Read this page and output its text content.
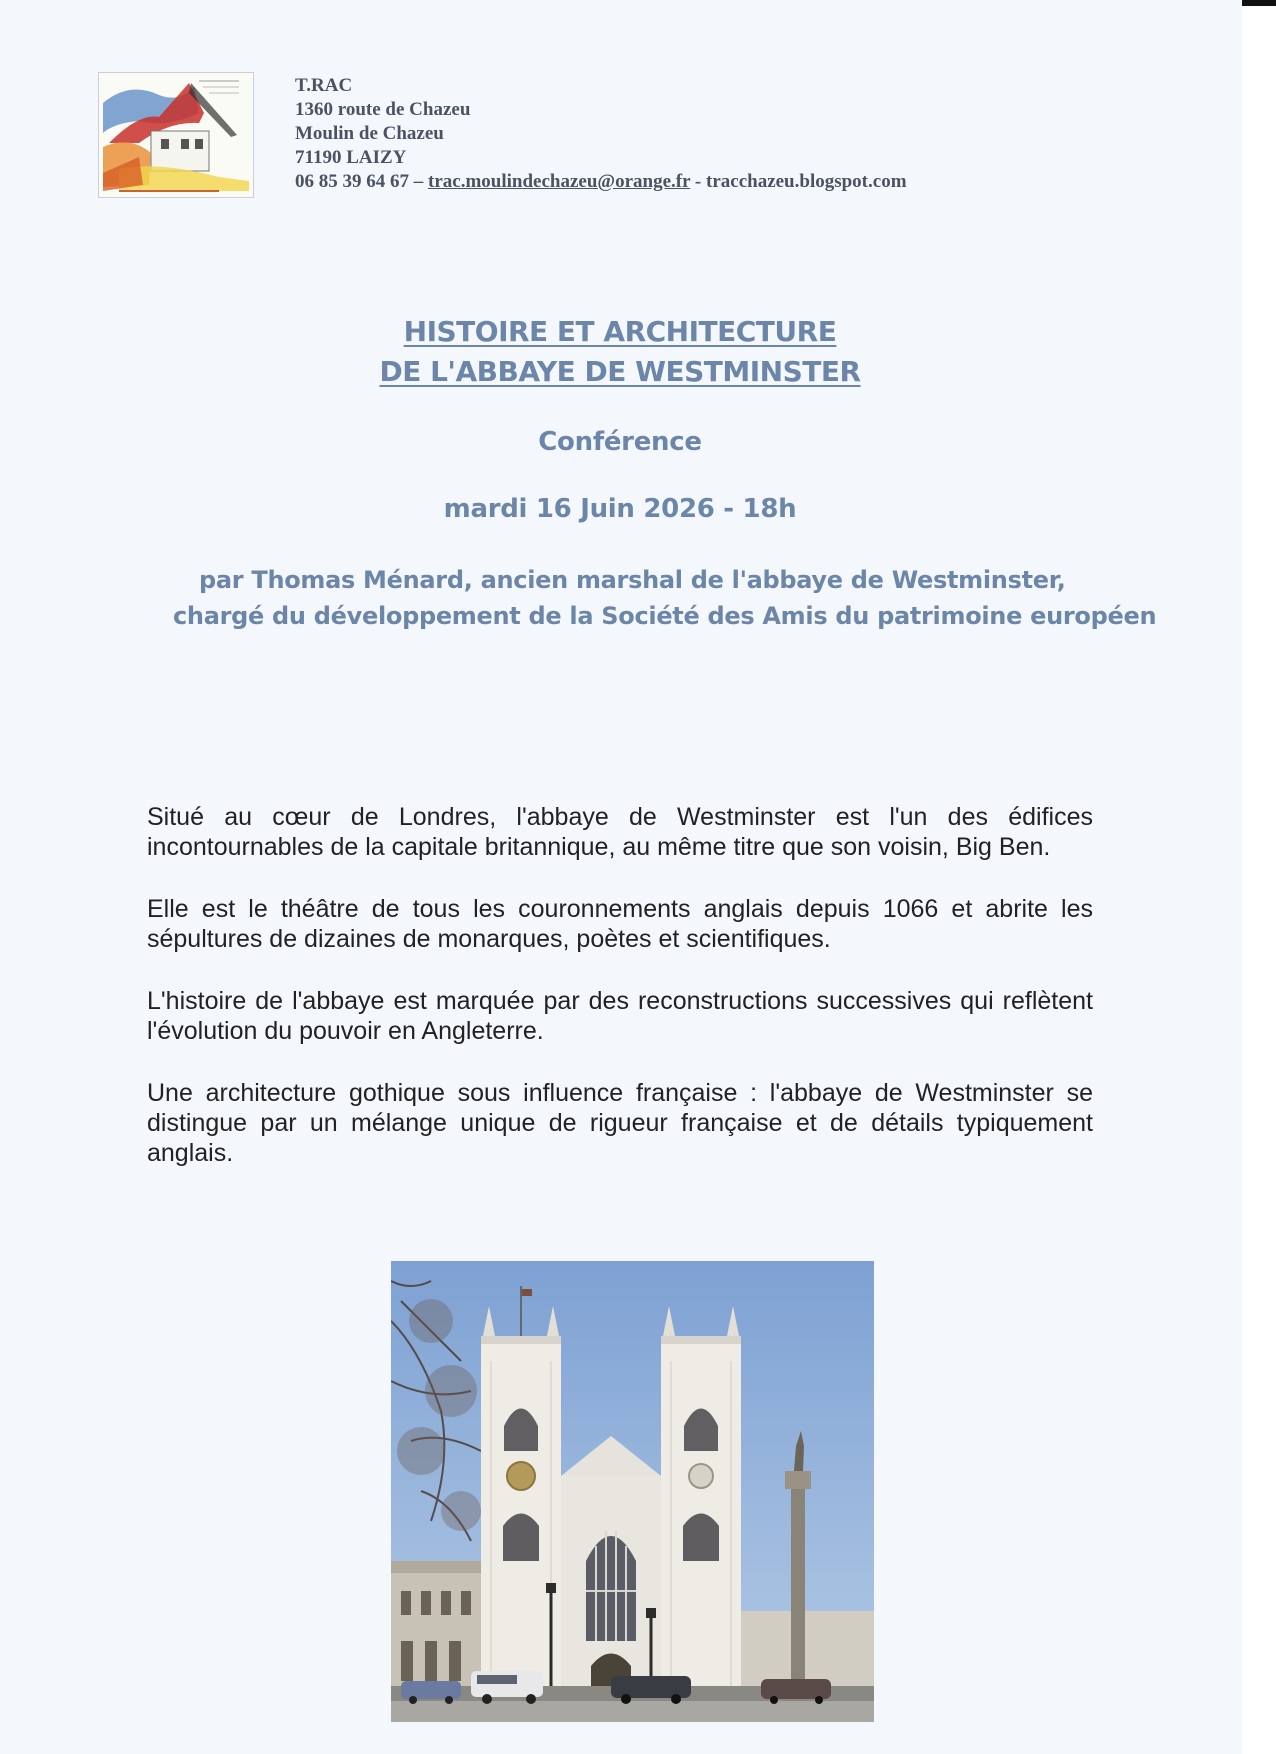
T.RAC
1360 route de Chazeu
Moulin de Chazeu
71190 LAIZY
06 85 39 64 67 – trac.moulindechazeu@orange.fr - tracchazeu.blogspot.com
HISTOIRE ET ARCHITECTURE
DE L'ABBAYE DE WESTMINSTER
Conférence
mardi 16 Juin 2026 - 18h
par Thomas Ménard, ancien marshal de l'abbaye de Westminster,
chargé du développement de la Société des Amis du patrimoine européen

Situé au cœur de Londres, l'abbaye de Westminster est l'un des édifices incontournables de la capitale britannique, au même titre que son voisin, Big Ben.

Elle est le théâtre de tous les couronnements anglais depuis 1066 et abrite les sépultures de dizaines de monarques, poètes et scientifiques.

L'histoire de l'abbaye est marquée par des reconstructions successives qui reflètent l'évolution du pouvoir en Angleterre.

Une architecture gothique sous influence française : l'abbaye de Westminster se distingue par un mélange unique de rigueur française et de détails typiquement anglais.
